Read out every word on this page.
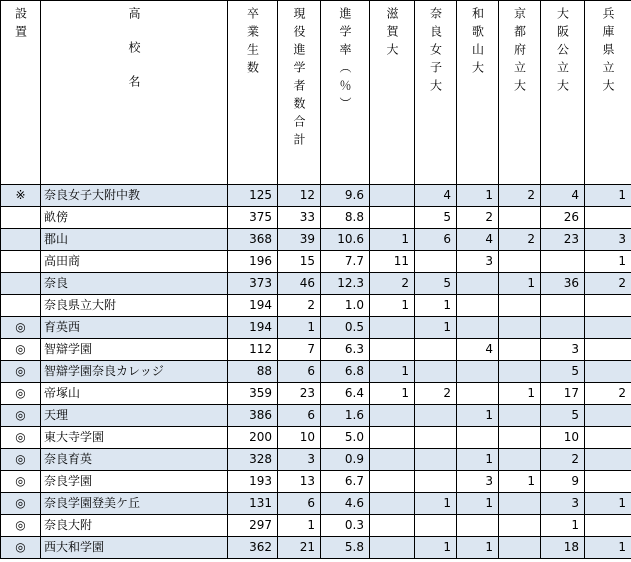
設置	高校名	卒業生数	現役進学者数合計	進学率（％）	滋賀大	奈良女子大	和歌山大	京都府立大	大阪公立大	兵庫県立大
※	奈良女子大附中教	125	12	9.6		4	1	2	4	1
	畝傍	375	33	8.8		5	2		26	
	郡山	368	39	10.6	1	6	4	2	23	3
	高田商	196	15	7.7	11		3			1
	奈良	373	46	12.3	2	5		1	36	2
	奈良県立大附	194	2	1.0	1	1				
◎	育英西	194	1	0.5		1				
◎	智辯学園	112	7	6.3			4		3	
◎	智辯学園奈良カレッジ	88	6	6.8	1				5	
◎	帝塚山	359	23	6.4	1	2		1	17	2
◎	天理	386	6	1.6			1		5	
◎	東大寺学園	200	10	5.0					10	
◎	奈良育英	328	3	0.9			1		2	
◎	奈良学園	193	13	6.7			3	1	9	
◎	奈良学園登美ケ丘	131	6	4.6		1	1		3	1
◎	奈良大附	297	1	0.3					1	
◎	西大和学園	362	21	5.8		1	1		18	1
